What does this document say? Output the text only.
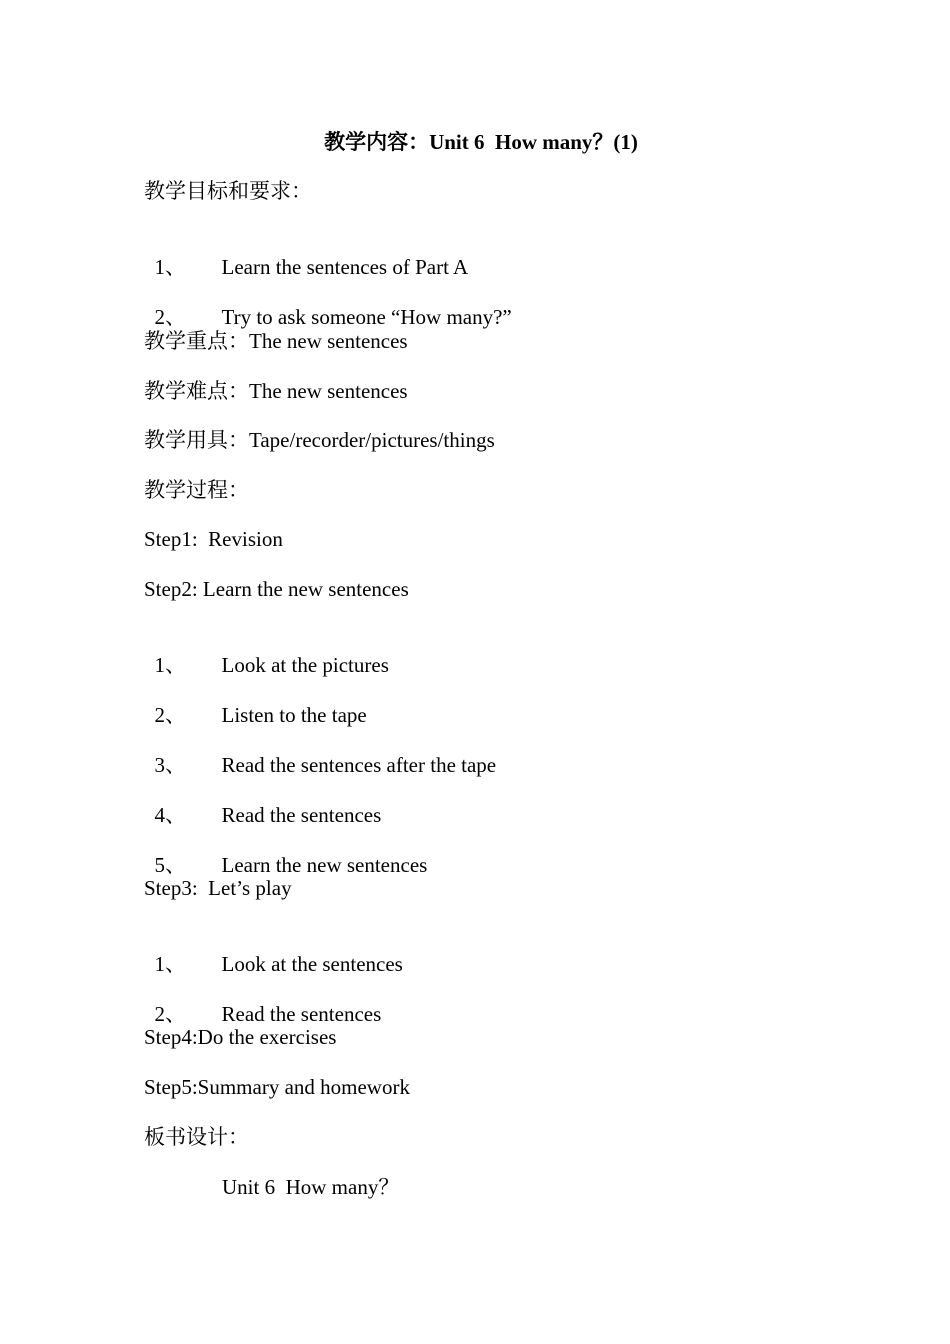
教学内容：Unit 6  How many？(1)
教学目标和要求：

1、 Learn the sentences of Part A

2、 Try to ask someone “How many?”

教学重点：The new sentences
教学难点：The new sentences
教学用具：Tape/recorder/pictures/things
教学过程：
Step1:  Revision
Step2: Learn the new sentences

1、 Look at the pictures

2、 Listen to the tape

3、 Read the sentences after the tape

4、 Read the sentences

5、 Learn the new sentences

Step3:  Let’s play

1、 Look at the sentences

2、 Read the sentences

Step4:Do the exercises
Step5:Summary and homework
板书设计：
Unit 6  How many？
